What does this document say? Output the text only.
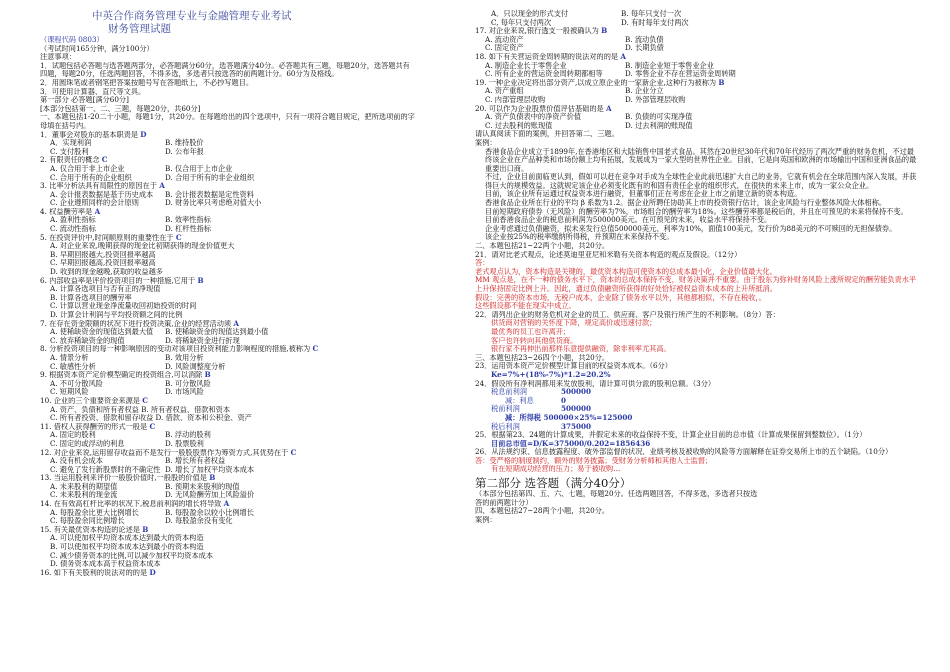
中英合作商务管理专业与金融管理专业考试
财务管理试题
（课程代码 0803）
（考试时间165分钟，满分100分）
注意事项：
1．试题包括必答题与选答题两部分，必答题满分60分，选答题满分40分。必答题共有三题，每题20分，选答题共有
四题，每题20分，任选两题回答，不得多选，多选者只按选答的前两题计分。60分为及格线。
2．用圆珠笔或者钢笔把答案按题号写在答题纸上，不必抄写题目。
3．可使用计算器、直尺等文具。
第一部分 必答题[满分60分]
[本部分包括第一、二、三题，每题20分，共60分]
一、本题包括1-20二十小题，每题1分，共20分。在每题给出的四个选项中，只有一项符合题目规定，把所选项前的字
母填在括号内。
1．董事会对股东的基本职责是 D
A．实现利润	B. 维持股价
C. 支付股利	D. 公布年报
2. 有限责任的概念 C
A. 仅合用于非上市企业	B. 仅合用于上市企业
C. 合用于所有的企业组织	D. 合用于所有的非企业组织
3. 比率分析法具有局限性的原因在于 A
A. 会计报表数据是基于历史成本	B. 会计报表数据是定性资料
C. 企业遵照同样的会计原则	D. 财务比率只考虑绝对值大小
4. 权益酬劳率是 A
A. 盈利性指标	B. 效率性指标
C. 流动性指标	D. 杠杆性指标
5. 在投资评价中,时间顺原则的重要性在于 C
A. 对企业来说,晚期获得的现金比初期获得的现金价值更大
B. 早期回报越大,投资回报率越高
C. 早期回报越高,投资回报率越高
D. 收到的现金越晚,获取的收益越多
6. 内部收益率是评价投资项目的一种措施,它用于 B
A. 计算各选项目与否有正的净现值
B. 计算各选项目的酬劳率
C. 计算以营业现金净流量收回初始投资的时间
D. 计算会计利润与平均投资额之间的比例
7. 在存在资金限额的状况下进行投资决策,企业的经营活动须 A
A. 使稀缺资金的现值达到最大值	B. 使稀缺资金的现值达到最小值
C. 放弃稀缺资金的现值	D. 将稀缺资金进行折现
8. 分析投资项目的每一种影响原因的变动对该项目投资利能力影响程度的措施,被称为 C
A. 情景分析	B. 效用分析
C. 敏感性分析	D. 风险调整度分析
9. 根据资本资产定价模型确定的投资组合,可以消除 B
A. 不可分散风险	B. 可分散风险
C. 短期风险	D. 市场风险
10. 企业的三个重要资金来源是 C
A. 资产、负债和所有者权益 B. 所有者权益、借款和资本
C. 所有者投资、借款和留存收益 D. 借款、资本和公积金、资产
11. 借权人获得酬劳的形式一般是 C
A. 固定的股利	B. 浮动的股利
C. 固定的或浮动的利息	D. 股票股利
12. 对企业来说,运用留存收益而不是发行一般股股票作为筹资方式,其优势在于 C
A. 没有机会成本	B. 增长所有者权益
C. 避免了发行新股票时的不确定性 D. 增长了加权平均资本成本
13. 当运用股利来评价一般股价值时,一般股的价值是 B
A. 未来股利的期望值	B. 预期未来股利的现值
C. 未来股利的现金流	D. 无风险酬劳加上风险溢价
14. 在有效高杠杆比率的状况下,税息前利润的增长将导致 A
A. 每股盈余比更大比例增长	B. 每股盈余以较小比例增长
C. 每股盈余同比例增长	D. 每股盈余没有变化
15. 有关最优资本构造的论述是 B
A. 可以使加权平均资本成本达到最大的资本构造
B. 可以使加权平均资本成本达到最小的资本构造
C. 减少债务资本的比例,可以减少加权平均资本成本
D. 债务资本成本高于权益资本成本
16. 如下有关股利的说法对的的是 D
A．只以现金的形式支付	B. 每年只支付一次
C, 每年只支付两次	D. 有时每年支付两次
17. 对企业来说,银行透支一般被确认为 B
A. 流动资产	B. 流动负债
C. 固定资产	D. 长期负债
18. 如下有关营运资金周转期的说法对的的是 A
A. 制造企业长于零售企业	B. 制造企业短于零售业企业
C. 所有企业的营运资金周转期都相等	D. 零售企业不存在营运资金周转期
19. 一种企业决定将出部分资产,以成立原企业的一家新企业,这种行为被称为 B
A. 资产重组	B. 企业分立
C. 内部管理层收购	D. 外部管理层收购
20. 可以作为企业股票价值评估基础的是 A
A. 资产负债表中的净资产价值	B. 负债的可实现净值
C. 过去股利的账现值	D. 过去利润的账现值
请认真阅读下面的案例，并回答第二、三题。
案例：
香港食品企业成立于1899年,在香港地区和大陆销售中国老式食品。其然在20世纪30年代和70年代经历了两次严重的财务危机，不过最终该企业在产品种类和市场份额上均有拓展，发展成为一家大型的世界性企业。目前，它是向英国和欧洲的市场输出中国和亚洲食品的最重要出口商。
不过，企业目前面临更认到，假如可以赶在竞争对手成为全球性企业此前迅速扩大自己的业务，它就有机会在全球范围内深入发展，并获得巨大的规模效益。这就规定该企业必须变化既有的和固有责任企业的组织形式，在很快的未来上市，成为一家公众企业。
目前，该企业所有运通过权益资本进行融资，但董事们正在考虑在企业上市之前建立新的资本构造。
香港食品企业所在行业的平均 β 系数为1.2。据企业所聘任协助其上市的投资银行估计，该企业风险与行业整体风险大体相称。
目前短期政府债券（无风险）的酬劳率为7%，市场组合的酬劳率为18%。这些酬劳率都是税后的，并且在可预见的未来将保持不变。
目前香港食品企业的税息前利润为500000美元。在可预见的未来，收益水平将保持不变。
企业考虑通过负债融资，拟未来发行总值500000美元、利率为10%，面值100美元，发行价为88美元的不可赎回的无担保债券。
该企业按25%的税率缴纳所得税，并预期在未来保持不变。
二、本题包括21~22两个小题，共20分。
21．请对比老式观点，论述莫迪里亚尼和米勒有关资本构造的观点及假设。（12分）
答：
老式观点认为，资本构造是关键的，最优资本构造可使资本的总成本最小化，企业价值最大化。
MM 观点是，在不一种的债务水平下，资本的总成本保持不变，财务决策并不重要。由于股东为弥补财务风险上涨所规定的酬劳能负责水平上升保持固定比例上升。因此，通过负债融资所获得的好处恰好被权益资本成本的上升所抵消。
假设：完善的资本市场，无税户成本，企业除了债务水平以外，其他都相似，不存在税收，。
这些假设都不能在现实中成立。
22．请列出企业的财务危机对企业的员工、供应商、客户及银行所产生的不利影响。（8分）答：
供货商对营销的关怀度下降，规定高价或迅速付款；
最优秀的员工也许离开；
客户也许转向其他供货商。
银行家不再伸出前那样乐意提供融资，除非利率尤其高。
三、本题包括23~26四个小题，共20分。
23．运用资本资产定价模型计算目前的权益资本成本。（6分）
Ke=7%+(18%-7%)*1.2=20.2%
24．假设所有净利润都用来发放股利，请计算可供分派的股利总额。（3分）
税息前利润	500000
减：利息	0
税前利润	500000
减：所得税 500000×25%=125000
税后利润	375000
25．根据第23、24题的计算成果，并假定未来的收益保持不变，计算企业目前的总市值（计算成果保留到整数位）。（1分）
目前总市值=D/K=375000/0.202=1856436
26．从法规约束、信息披露程度、破外部监督的状况、业绩考核及被收购的风险等方面解释在证券交易所上市的五个缺陷。（10分）
答：受严格的制度制约，额外的财务披露；受财务分析师和其他人士监督；
有在短期成功经营的压力；易于被收购…
第二部分 选答题（满分40分）
（本部分包括第四、五、六、七题，每题20分。任选两题回答，不得多选，多选者只按选
答的前两题计分）
四、本题包括27~28两个小题，共20分。
案例：
